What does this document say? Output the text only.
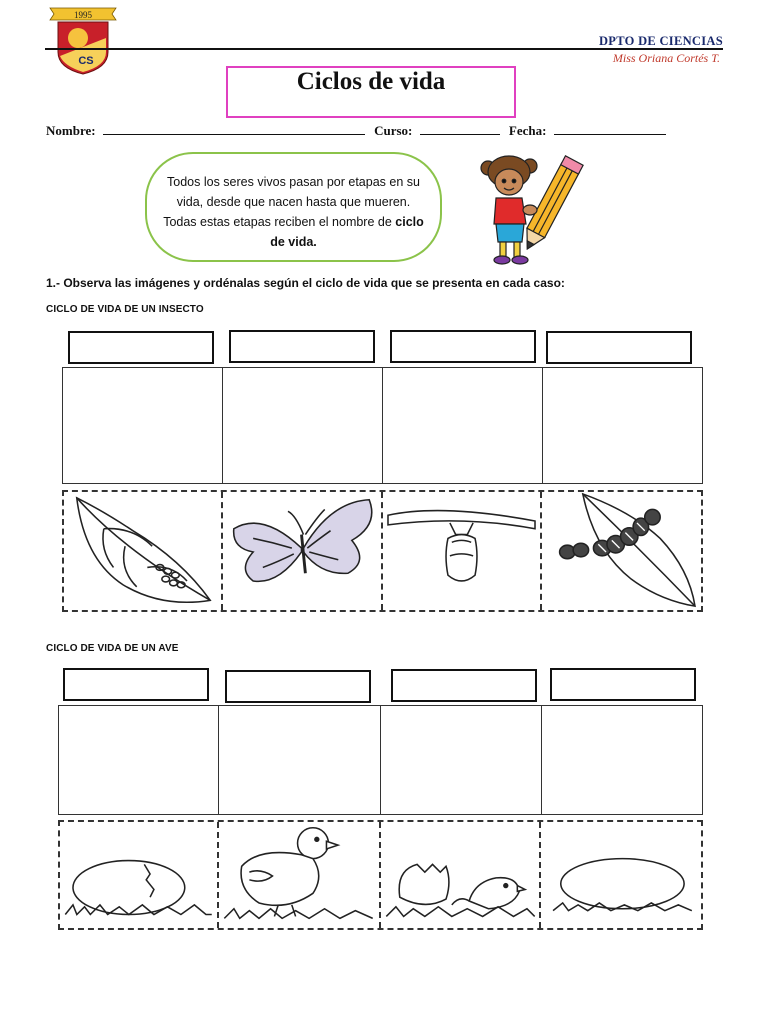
1995
CS
DPTO DE CIENCIAS
Miss Oriana Cortés T.
Ciclos de vida
Nombre:	Curso:	Fecha:
Todos los seres vivos pasan por etapas en su vida, desde que nacen hasta que mueren. Todas estas etapas reciben el nombre de ciclo de vida.
1.- Observa las imágenes y ordénalas según el ciclo de vida que se presenta en cada caso:
CICLO DE VIDA DE UN INSECTO
CICLO DE VIDA DE UN AVE
